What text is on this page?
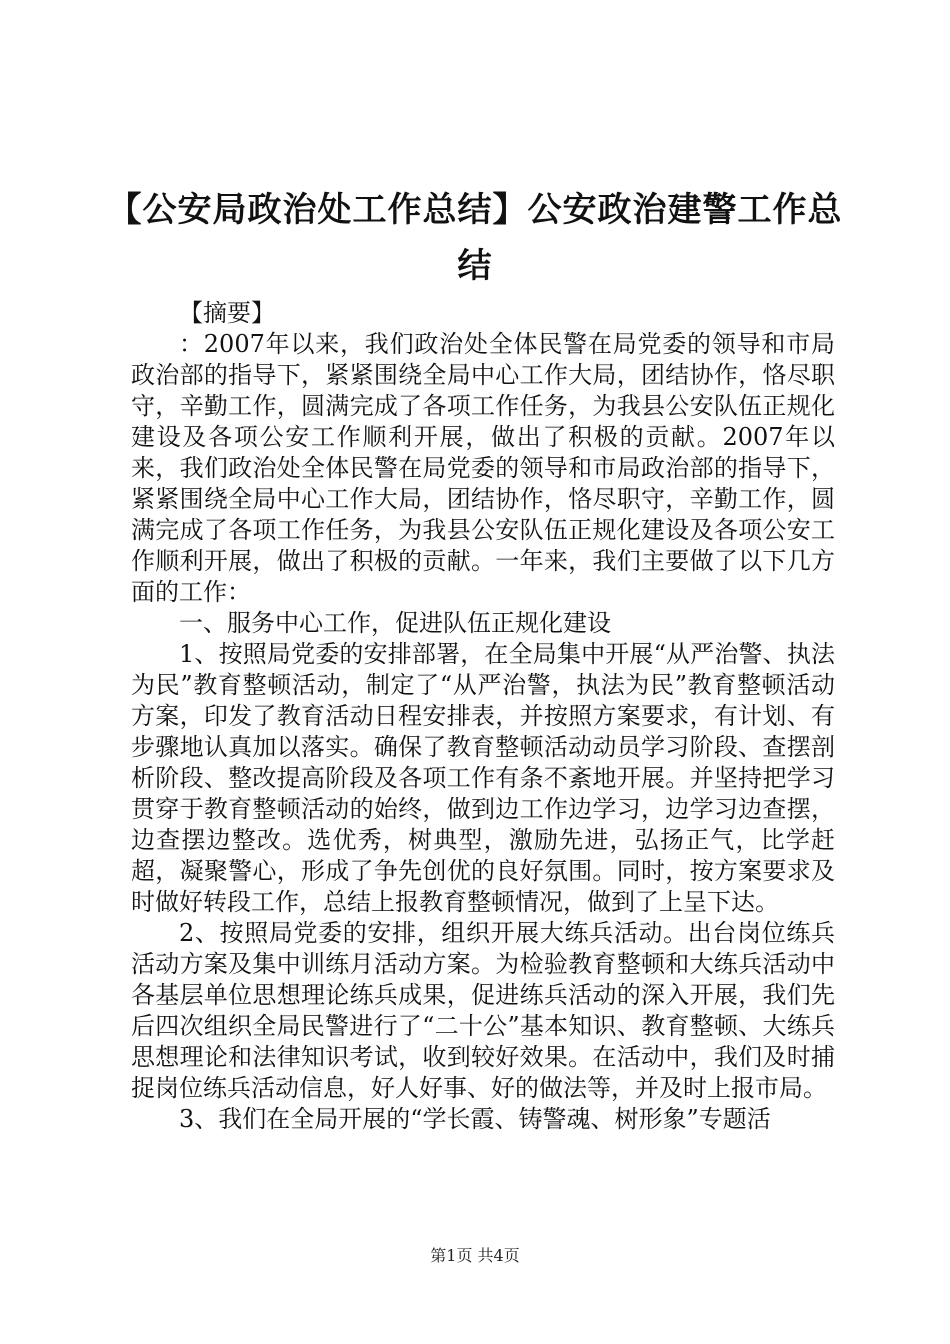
【公安局政治处工作总结】公安政治建警工作总结

【摘要】

：2007年以来，我们政治处全体民警在局党委的领导和市局政治部的指导下，紧紧围绕全局中心工作大局，团结协作，恪尽职守，辛勤工作，圆满完成了各项工作任务，为我县公安队伍正规化建设及各项公安工作顺利开展，做出了积极的贡献。2007年以来，我们政治处全体民警在局党委的领导和市局政治部的指导下，紧紧围绕全局中心工作大局，团结协作，恪尽职守，辛勤工作，圆满完成了各项工作任务，为我县公安队伍正规化建设及各项公安工作顺利开展，做出了积极的贡献。一年来，我们主要做了以下几方面的工作：

一、服务中心工作，促进队伍正规化建设

1、按照局党委的安排部署，在全局集中开展“从严治警、执法为民”教育整顿活动，制定了“从严治警，执法为民”教育整顿活动方案，印发了教育活动日程安排表，并按照方案要求，有计划、有步骤地认真加以落实。确保了教育整顿活动动员学习阶段、查摆剖析阶段、整改提高阶段及各项工作有条不紊地开展。并坚持把学习贯穿于教育整顿活动的始终，做到边工作边学习，边学习边查摆，边查摆边整改。选优秀，树典型，激励先进，弘扬正气，比学赶超，凝聚警心，形成了争先创优的良好氛围。同时，按方案要求及时做好转段工作，总结上报教育整顿情况，做到了上呈下达。

2、按照局党委的安排，组织开展大练兵活动。出台岗位练兵活动方案及集中训练月活动方案。为检验教育整顿和大练兵活动中各基层单位思想理论练兵成果，促进练兵活动的深入开展，我们先后四次组织全局民警进行了“二十公”基本知识、教育整顿、大练兵思想理论和法律知识考试，收到较好效果。在活动中，我们及时捕捉岗位练兵活动信息，好人好事、好的做法等，并及时上报市局。

3、我们在全局开展的“学长霞、铸警魂、树形象”专题活

第1页 共4页
